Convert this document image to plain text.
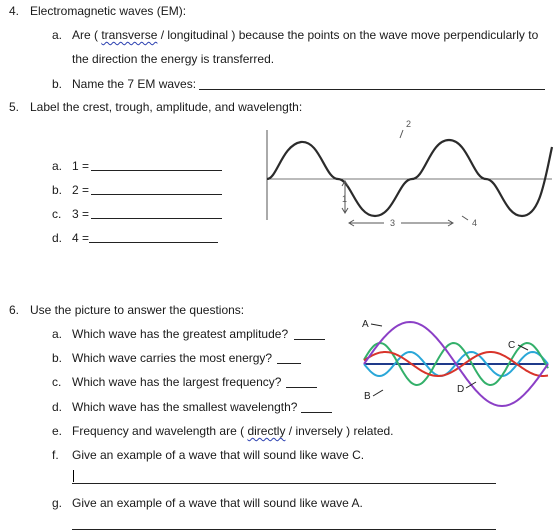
4. Electromagnetic waves (EM):
a. Are ( transverse / longitudinal ) because the points on the wave move perpendicularly to
the direction the energy is transferred.
b. Name the 7 EM waves:
5. Label the crest, trough, amplitude, and wavelength:
a. 1 =
b. 2 =
c. 3 =
d. 4 =
1
2
3	4
6. Use the picture to answer the questions:
a. Which wave has the greatest amplitude?
b. Which wave carries the most energy?
c. Which wave has the largest frequency?
d. Which wave has the smallest wavelength?
e. Frequency and wavelength are ( directly / inversely ) related.
f. Give an example of a wave that will sound like wave C.
g. Give an example of a wave that will sound like wave A.
A
B
C
D
